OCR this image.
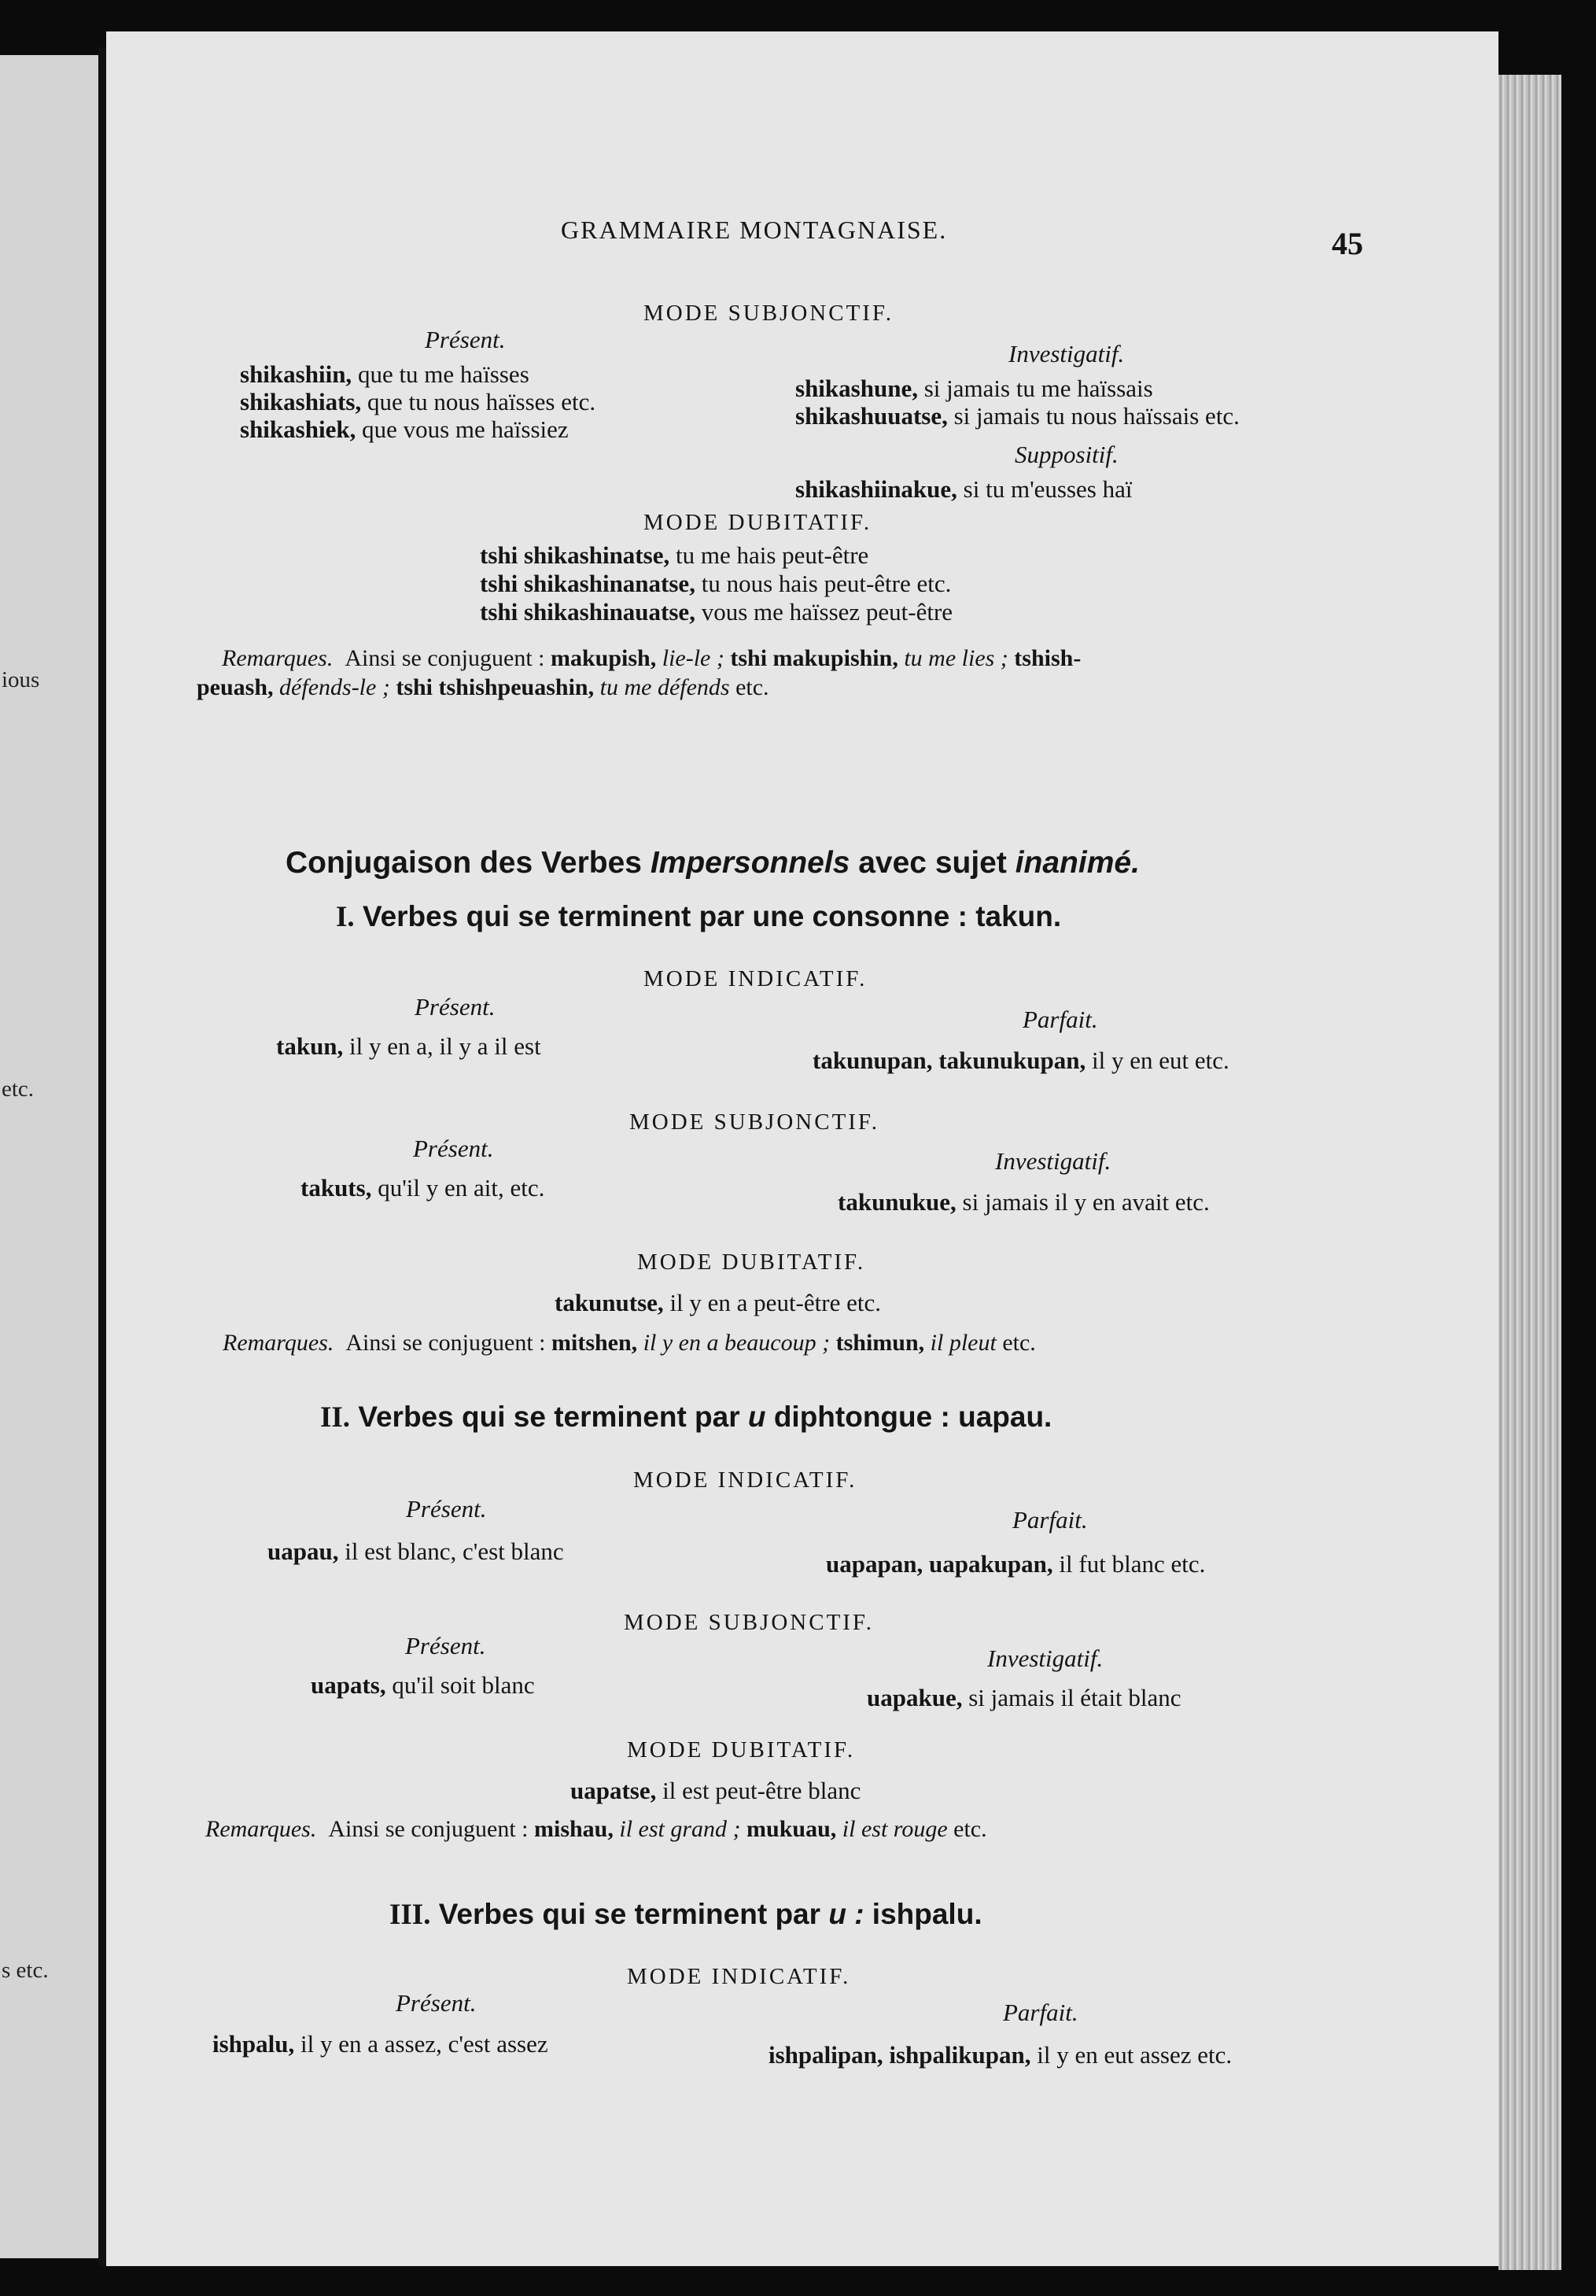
ious
etc.
s etc.
GRAMMAIRE MONTAGNAISE.	45
MODE SUBJONCTIF.
Présent.
shikashiin, que tu me haïsses
shikashiats, que tu nous haïsses etc.
shikashiek, que vous me haïssiez
Investigatif.
shikashune, si jamais tu me haïssais
shikashuuatse, si jamais tu nous haïssais etc.
Suppositif.
shikashiinakue, si tu m'eusses haï
MODE DUBITATIF.
tshi shikashinatse, tu me hais peut-être
tshi shikashinanatse, tu nous hais peut-être etc.
tshi shikashinauatse, vous me haïssez peut-être
Remarques. Ainsi se conjuguent : makupish, lie-le ; tshi makupishin, tu me lies ; tshish-
peuash, défends-le ; tshi tshishpeuashin, tu me défends etc.
Conjugaison des Verbes Impersonnels avec sujet inanimé.
I. Verbes qui se terminent par une consonne : takun.
MODE INDICATIF.
Présent.
takun, il y en a, il y a il est
Parfait.
takunupan, takunukupan, il y en eut etc.
MODE SUBJONCTIF.
Présent.
takuts, qu'il y en ait, etc.
Investigatif.
takunukue, si jamais il y en avait etc.
MODE DUBITATIF.
takunutse, il y en a peut-être etc.
Remarques. Ainsi se conjuguent : mitshen, il y en a beaucoup ; tshimun, il pleut etc.
II. Verbes qui se terminent par u diphtongue : uapau.
MODE INDICATIF.
Présent.
uapau, il est blanc, c'est blanc
Parfait.
uapapan, uapakupan, il fut blanc etc.
MODE SUBJONCTIF.
Présent.
uapats, qu'il soit blanc
Investigatif.
uapakue, si jamais il était blanc
MODE DUBITATIF.
uapatse, il est peut-être blanc
Remarques. Ainsi se conjuguent : mishau, il est grand ; mukuau, il est rouge etc.
III. Verbes qui se terminent par u : ishpalu.
MODE INDICATIF.
Présent.
ishpalu, il y en a assez, c'est assez
Parfait.
ishpalipan, ishpalikupan, il y en eut assez etc.
